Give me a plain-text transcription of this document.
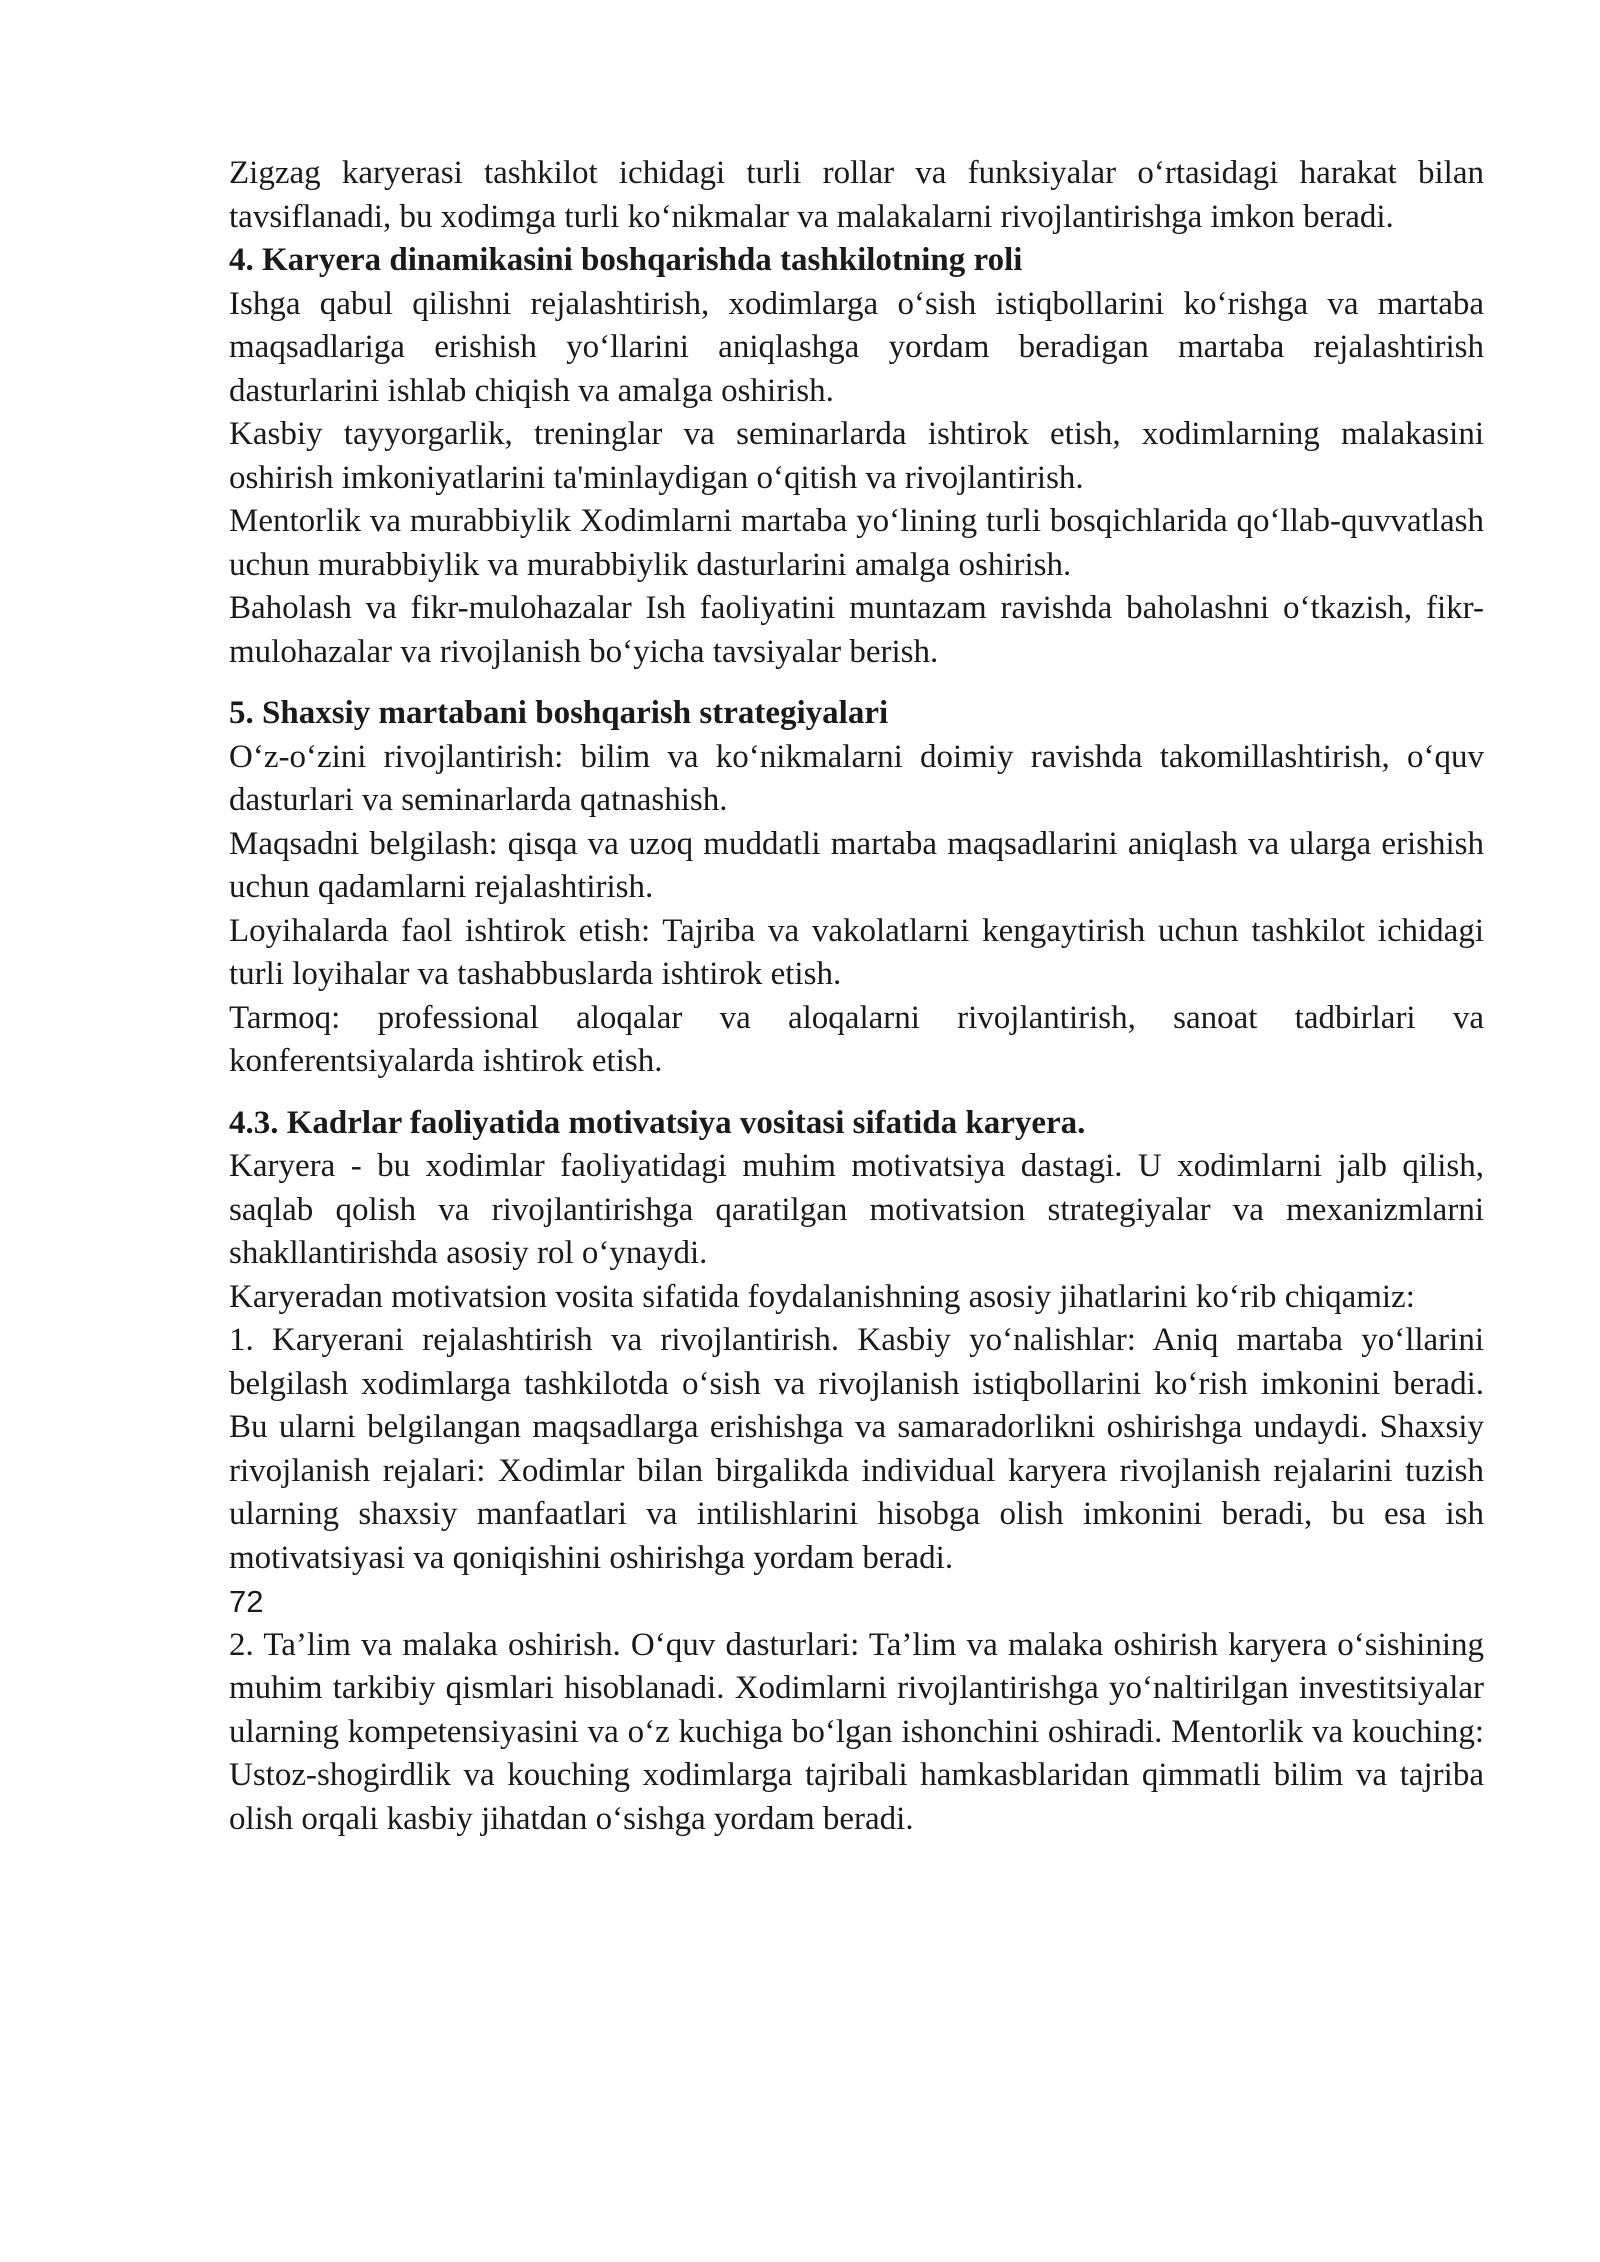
Zigzag karyerasi tashkilot ichidagi turli rollar va funksiyalar o‘rtasidagi harakat bilan tavsiflanadi, bu xodimga turli ko‘nikmalar va malakalarni rivojlantirishga imkon beradi.

4. Karyera dinamikasini boshqarishda tashkilotning roli

Ishga qabul qilishni rejalashtirish, xodimlarga o‘sish istiqbollarini ko‘rishga va martaba maqsadlariga erishish yo‘llarini aniqlashga yordam beradigan martaba rejalashtirish dasturlarini ishlab chiqish va amalga oshirish.

Kasbiy tayyorgarlik, treninglar va seminarlarda ishtirok etish, xodimlarning malakasini oshirish imkoniyatlarini ta'minlaydigan o‘qitish va rivojlantirish.

Mentorlik va murabbiylik Xodimlarni martaba yo‘lining turli bosqichlarida qo‘llab-quvvatlash uchun murabbiylik va murabbiylik dasturlarini amalga oshirish.

Baholash va fikr-mulohazalar Ish faoliyatini muntazam ravishda baholashni o‘tkazish, fikr-mulohazalar va rivojlanish bo‘yicha tavsiyalar berish.

5. Shaxsiy martabani boshqarish strategiyalari

O‘z-o‘zini rivojlantirish: bilim va ko‘nikmalarni doimiy ravishda takomillashtirish, o‘quv dasturlari va seminarlarda qatnashish.

Maqsadni belgilash: qisqa va uzoq muddatli martaba maqsadlarini aniqlash va ularga erishish uchun qadamlarni rejalashtirish.

Loyihalarda faol ishtirok etish: Tajriba va vakolatlarni kengaytirish uchun tashkilot ichidagi turli loyihalar va tashabbuslarda ishtirok etish.

Tarmoq: professional aloqalar va aloqalarni rivojlantirish, sanoat tadbirlari va konferentsiyalarda ishtirok etish.

4.3. Kadrlar faoliyatida motivatsiya vositasi sifatida karyera.

Karyera - bu xodimlar faoliyatidagi muhim motivatsiya dastagi. U xodimlarni jalb qilish, saqlab qolish va rivojlantirishga qaratilgan motivatsion strategiyalar va mexanizmlarni shakllantirishda asosiy rol o‘ynaydi.

Karyeradan motivatsion vosita sifatida foydalanishning asosiy jihatlarini ko‘rib chiqamiz:

1. Karyerani rejalashtirish va rivojlantirish. Kasbiy yo‘nalishlar: Aniq martaba yo‘llarini belgilash xodimlarga tashkilotda o‘sish va rivojlanish istiqbollarini ko‘rish imkonini beradi. Bu ularni belgilangan maqsadlarga erishishga va samaradorlikni oshirishga undaydi. Shaxsiy rivojlanish rejalari: Xodimlar bilan birgalikda individual karyera rivojlanish rejalarini tuzish ularning shaxsiy manfaatlari va intilishlarini hisobga olish imkonini beradi, bu esa ish motivatsiyasi va qoniqishini oshirishga yordam beradi.

72

2. Ta’lim va malaka oshirish. O‘quv dasturlari: Ta’lim va malaka oshirish karyera o‘sishining muhim tarkibiy qismlari hisoblanadi. Xodimlarni rivojlantirishga yo‘naltirilgan investitsiyalar ularning kompetensiyasini va o‘z kuchiga bo‘lgan ishonchini oshiradi. Mentorlik va kouching: Ustoz-shogirdlik va kouching xodimlarga tajribali hamkasblaridan qimmatli bilim va tajriba olish orqali kasbiy jihatdan o‘sishga yordam beradi.
